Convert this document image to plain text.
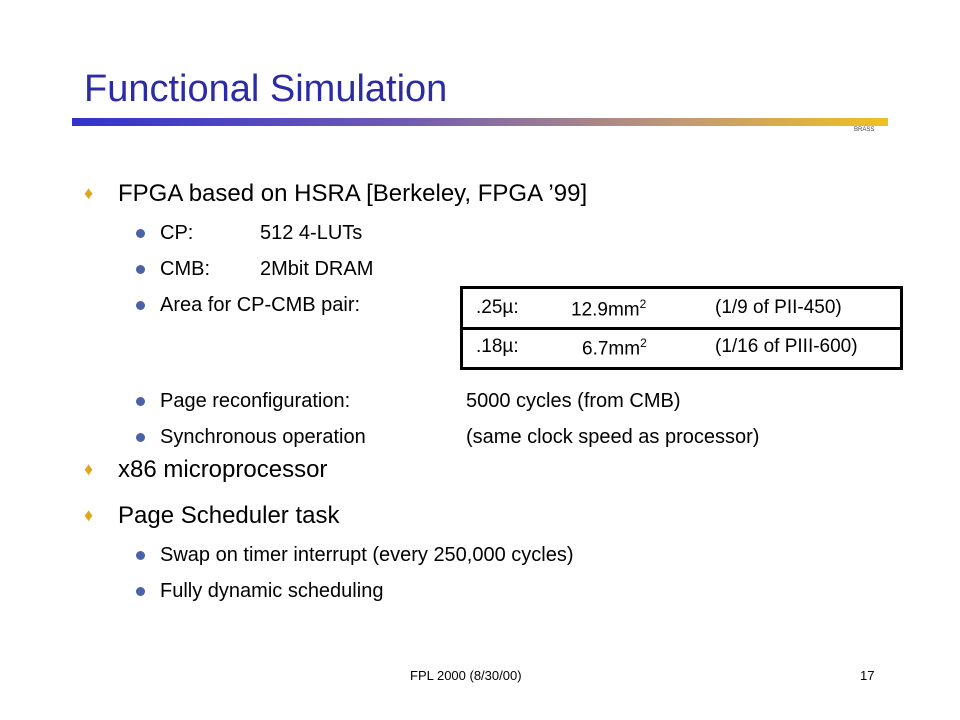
Functional Simulation
BRASS
♦ FPGA based on HSRA [Berkeley, FPGA ’99]
CP:	512 4-LUTs
CMB:	2Mbit DRAM
Area for CP-CMB pair:	.25µ:	$12.9mm^2$	(1/9 of PII-450)
.18µ:	$6.7mm^2$	(1/16 of PIII-600)
Page reconfiguration:	5000 cycles (from CMB)
Synchronous operation	(same clock speed as processor)
♦ x86 microprocessor
♦ Page Scheduler task
Swap on timer interrupt (every 250,000 cycles)
Fully dynamic scheduling
FPL 2000 (8/30/00)	17
